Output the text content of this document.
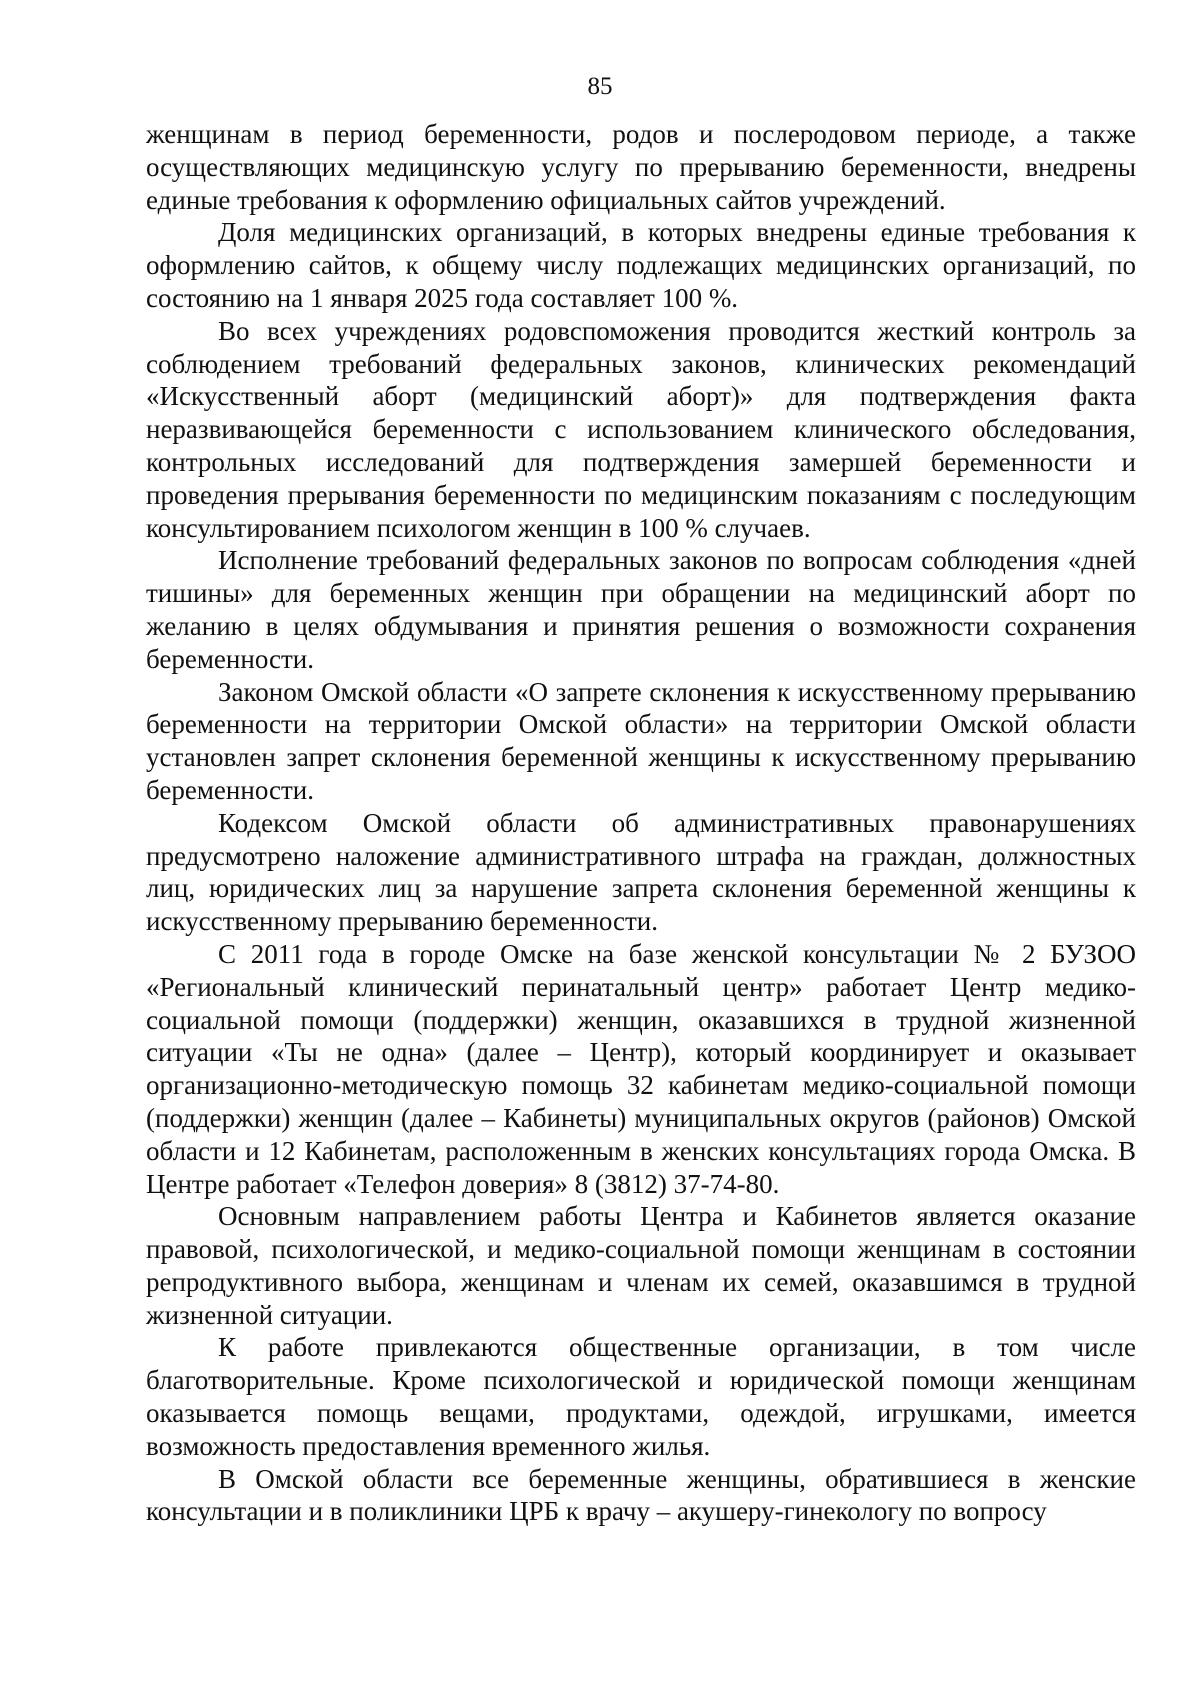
85

женщинам в период беременности, родов и послеродовом периоде, а также осуществляющих медицинскую услугу по прерыванию беременности, внедрены единые требования к оформлению официальных сайтов учреждений.

Доля медицинских организаций, в которых внедрены единые требования к оформлению сайтов, к общему числу подлежащих медицинских организаций, по состоянию на 1 января 2025 года составляет 100 %.

Во всех учреждениях родовспоможения проводится жесткий контроль за соблюдением требований федеральных законов, клинических рекомендаций «Искусственный аборт (медицинский аборт)» для подтверждения факта неразвивающейся беременности с использованием клинического обследования, контрольных исследований для подтверждения замершей беременности и проведения прерывания беременности по медицинским показаниям с последующим консультированием психологом женщин в 100 % случаев.

Исполнение требований федеральных законов по вопросам соблюдения «дней тишины» для беременных женщин при обращении на медицинский аборт по желанию в целях обдумывания и принятия решения о возможности сохранения беременности.

Законом Омской области «О запрете склонения к искусственному прерыванию беременности на территории Омской области» на территории Омской области установлен запрет склонения беременной женщины к искусственному прерыванию беременности.

Кодексом Омской области об административных правонарушениях предусмотрено наложение административного штрафа на граждан, должностных лиц, юридических лиц за нарушение запрета склонения беременной женщины к искусственному прерыванию беременности.

С 2011 года в городе Омске на базе женской консультации № 2 БУЗОО «Региональный клинический перинатальный центр» работает Центр медико-социальной помощи (поддержки) женщин, оказавшихся в трудной жизненной ситуации «Ты не одна» (далее – Центр), который координирует и оказывает организационно-методическую помощь 32 кабинетам медико-социальной помощи (поддержки) женщин (далее – Кабинеты) муниципальных округов (районов) Омской области и 12 Кабинетам, расположенным в женских консультациях города Омска. В Центре работает «Телефон доверия» 8 (3812) 37-74-80.

Основным направлением работы Центра и Кабинетов является оказание правовой, психологической, и медико-социальной помощи женщинам в состоянии репродуктивного выбора, женщинам и членам их семей, оказавшимся в трудной жизненной ситуации.

К работе привлекаются общественные организации, в том числе благотворительные. Кроме психологической и юридической помощи женщинам оказывается помощь вещами, продуктами, одеждой, игрушками, имеется возможность предоставления временного жилья.

В Омской области все беременные женщины, обратившиеся в женские консультации и в поликлиники ЦРБ к врачу – акушеру-гинекологу по вопросу
